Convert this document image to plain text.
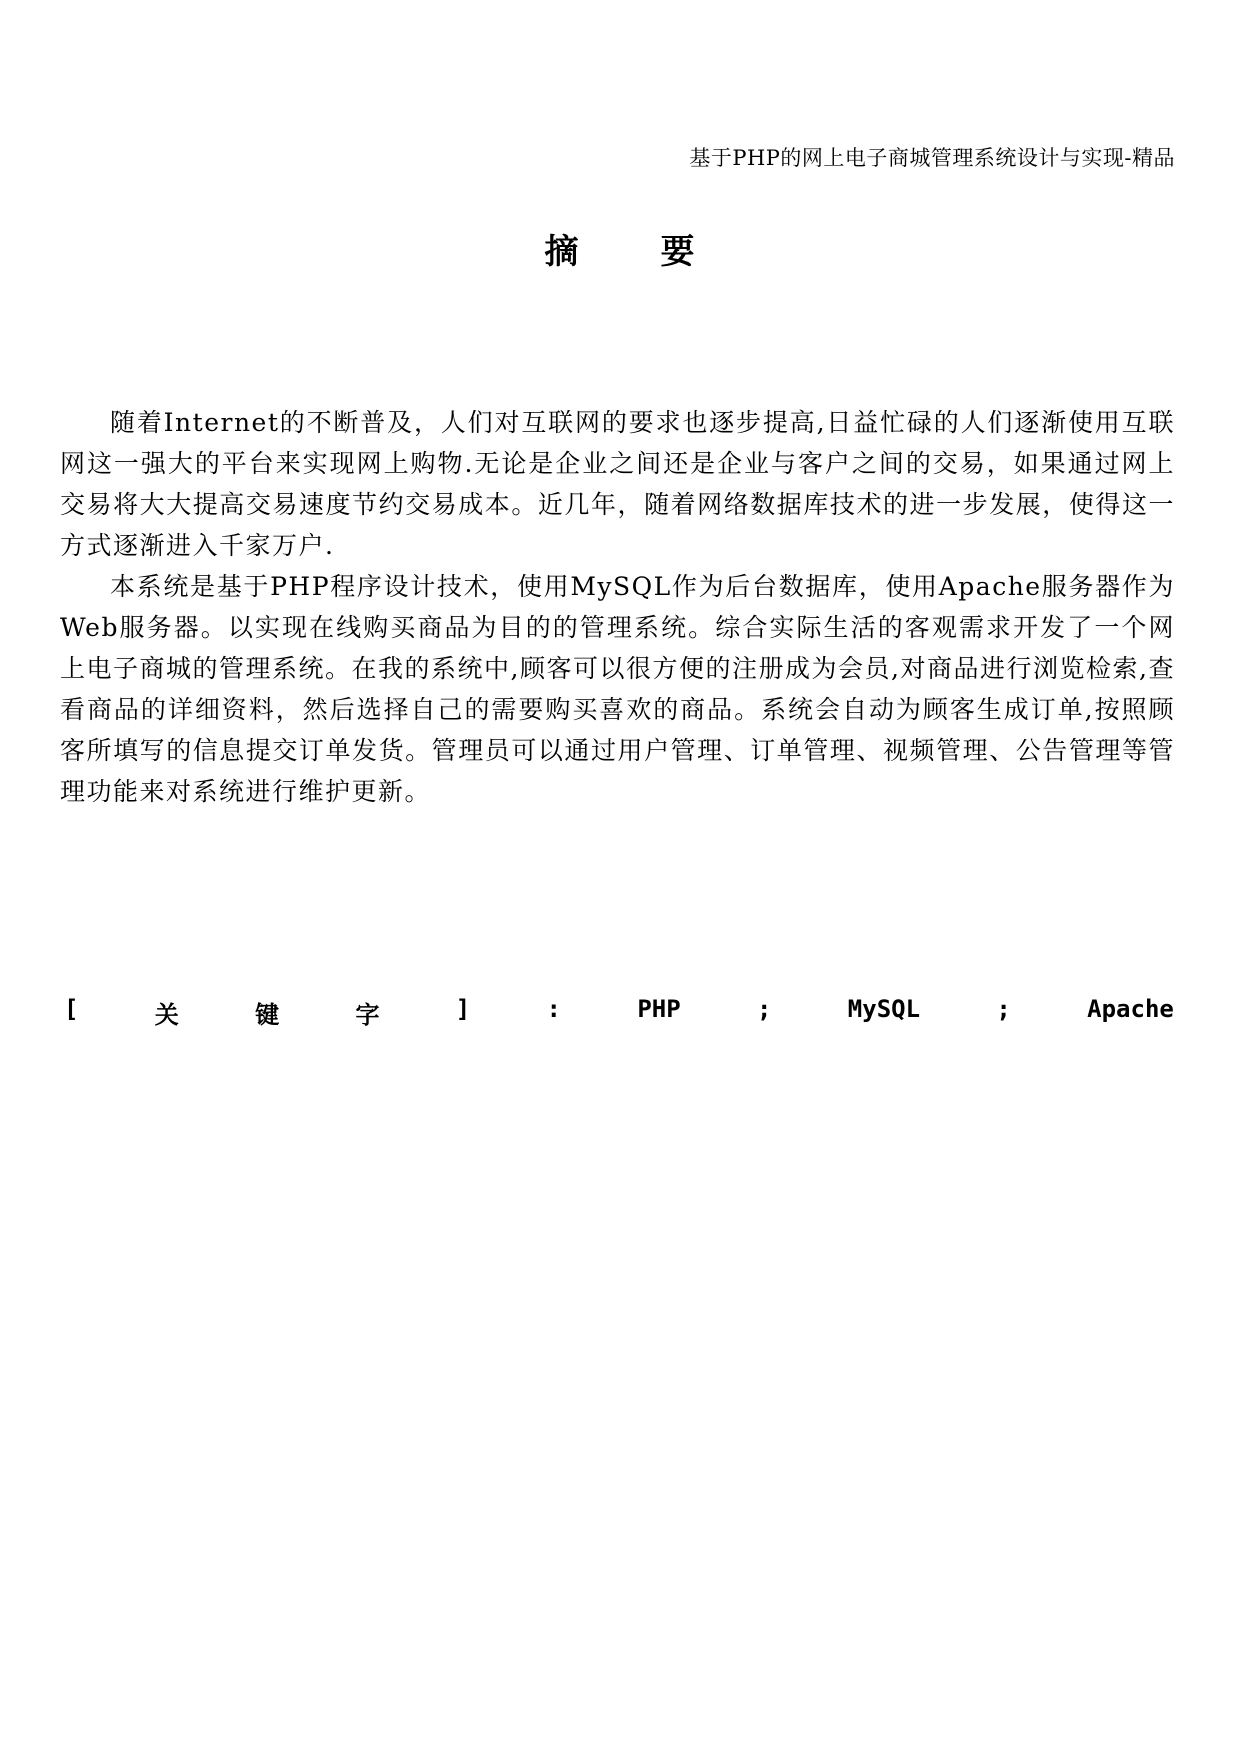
基于PHP的网上电子商城管理系统设计与实现-精品
摘 要

随着Internet的不断普及，人们对互联网的要求也逐步提高,日益忙碌的人们逐渐使用互联网这一强大的平台来实现网上购物.无论是企业之间还是企业与客户之间的交易，如果通过网上交易将大大提高交易速度节约交易成本。近几年，随着网络数据库技术的进一步发展，使得这一方式逐渐进入千家万户.

本系统是基于PHP程序设计技术，使用MySQL作为后台数据库，使用Apache服务器作为Web服务器。以实现在线购买商品为目的的管理系统。综合实际生活的客观需求开发了一个网上电子商城的管理系统。在我的系统中,顾客可以很方便的注册成为会员,对商品进行浏览检索,查看商品的详细资料，然后选择自己的需要购买喜欢的商品。系统会自动为顾客生成订单,按照顾客所填写的信息提交订单发货。管理员可以通过用户管理、订单管理、视频管理、公告管理等管理功能来对系统进行维护更新。

[	关	键	字	]	:	PHP	;	MySQL	;	Apache
